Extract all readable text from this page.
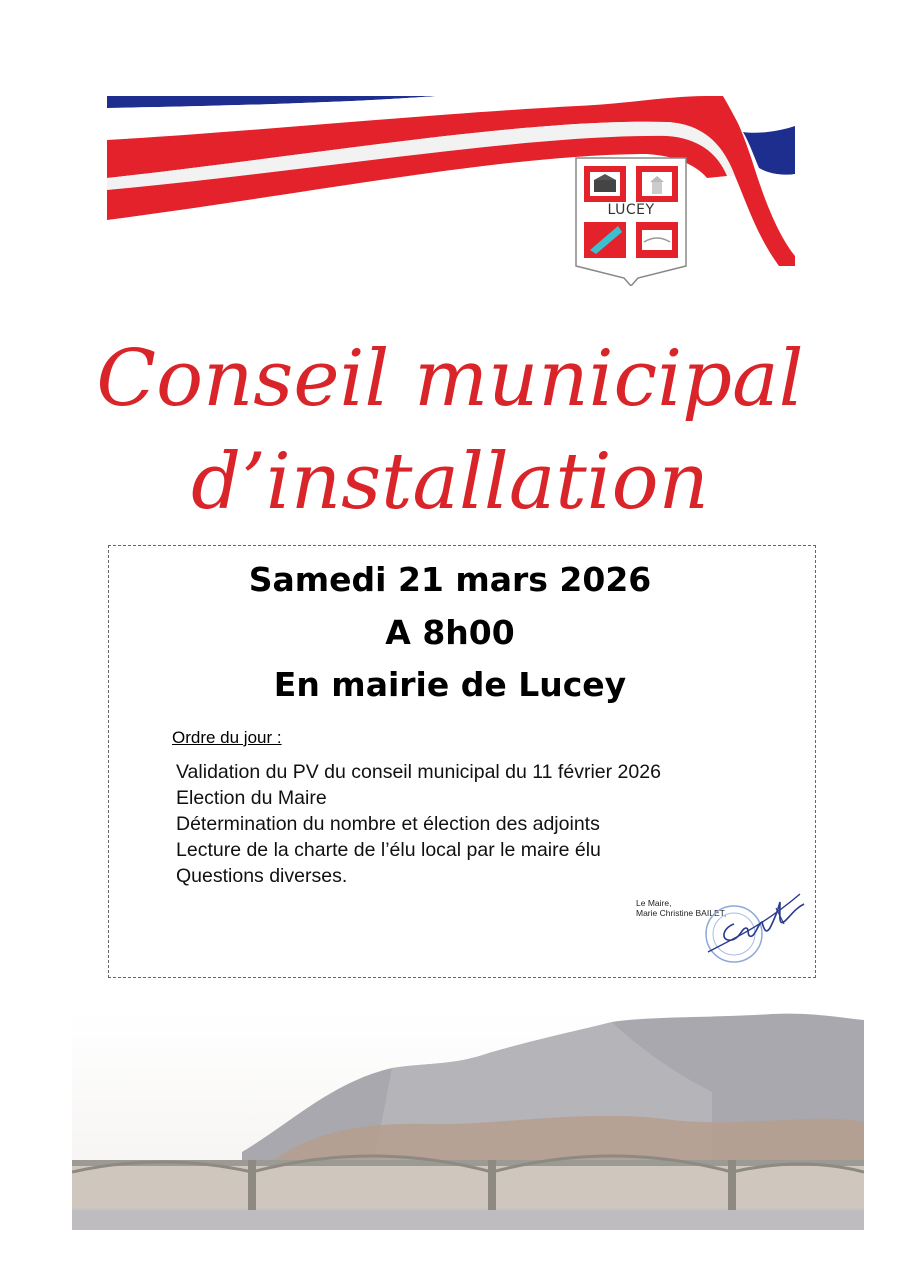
LUCEY
Conseil municipal
d’installation
Samedi 21 mars 2026
A 8h00
En mairie de Lucey
Ordre du jour :
Validation du PV du conseil municipal du 11 février 2026
Election du Maire
Détermination du nombre et élection des adjoints
Lecture de la charte de l’élu local par le maire élu
Questions diverses.
Le Maire,
Marie Christine BAILET,
